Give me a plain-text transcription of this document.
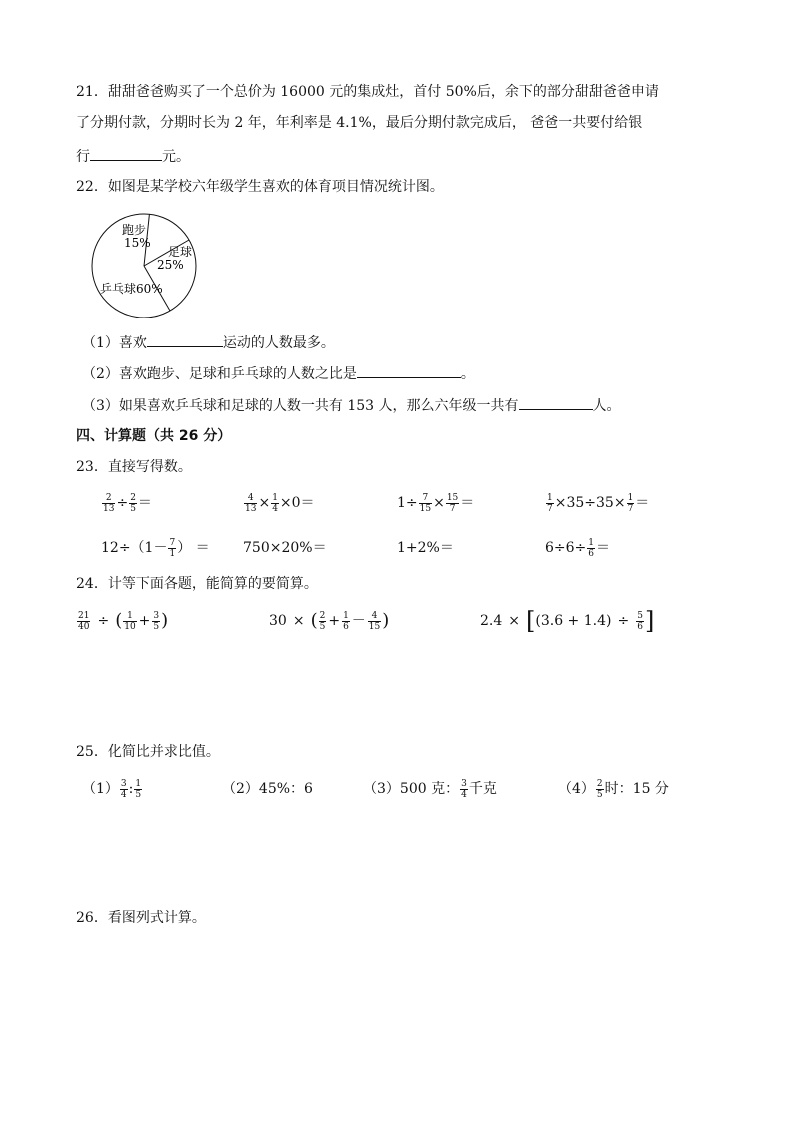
21．甜甜爸爸购买了一个总价为 16000 元的集成灶，首付 50%后，余下的部分甜甜爸爸申请
了分期付款，分期时长为 2 年，年利率是 4.1%，最后分期付款完成后， 爸爸一共要付给银
行	元。
22．如图是某学校六年级学生喜欢的体育项目情况统计图。
跑步
15%
足球
25%
乒乓球60%
（1）喜欢	运动的人数最多。
（2）喜欢跑步、足球和乒乓球的人数之比是	。
（3）如果喜欢乒乓球和足球的人数一共有 153 人，那么六年级一共有	人。
四、计算题（共 26 分）
23．直接写得数。
$\frac{2}{13} \div \frac{2}{5}$ ＝	$\frac{4}{13} \times \frac{1}{4} \times 0=$	$1\div \frac{7}{15} \times \frac{15}{7}$ ＝	$\frac{1}{7} \times 35\div 35\times \frac{1}{7}$ ＝
$12\div(1- \frac{7}{1}$ ） ＝ 750×20%＝	1+2%＝	$6\div 6\div \frac{1}{6}$ ＝
24．计等下面各题，能简算的要简算。
$\frac{21}{40}$ ÷ ( $\frac{1}{10} + \frac{3}{5}$ )	30 × ( $\frac{2}{5} + \frac{1}{6} - \frac{4}{15}$ )	$2.4 \times [(3.6 + 1.4) \div \frac{5}{6}$ ]
25．化简比并求比值。
$(1) \frac{3}{4}$ : $\frac{1}{5}$	（2）45%：6	（3）500 克： $\frac{3}{4}$ 千克	$(4) \frac{2}{5}$ 时：15 分
26．看图列式计算。
